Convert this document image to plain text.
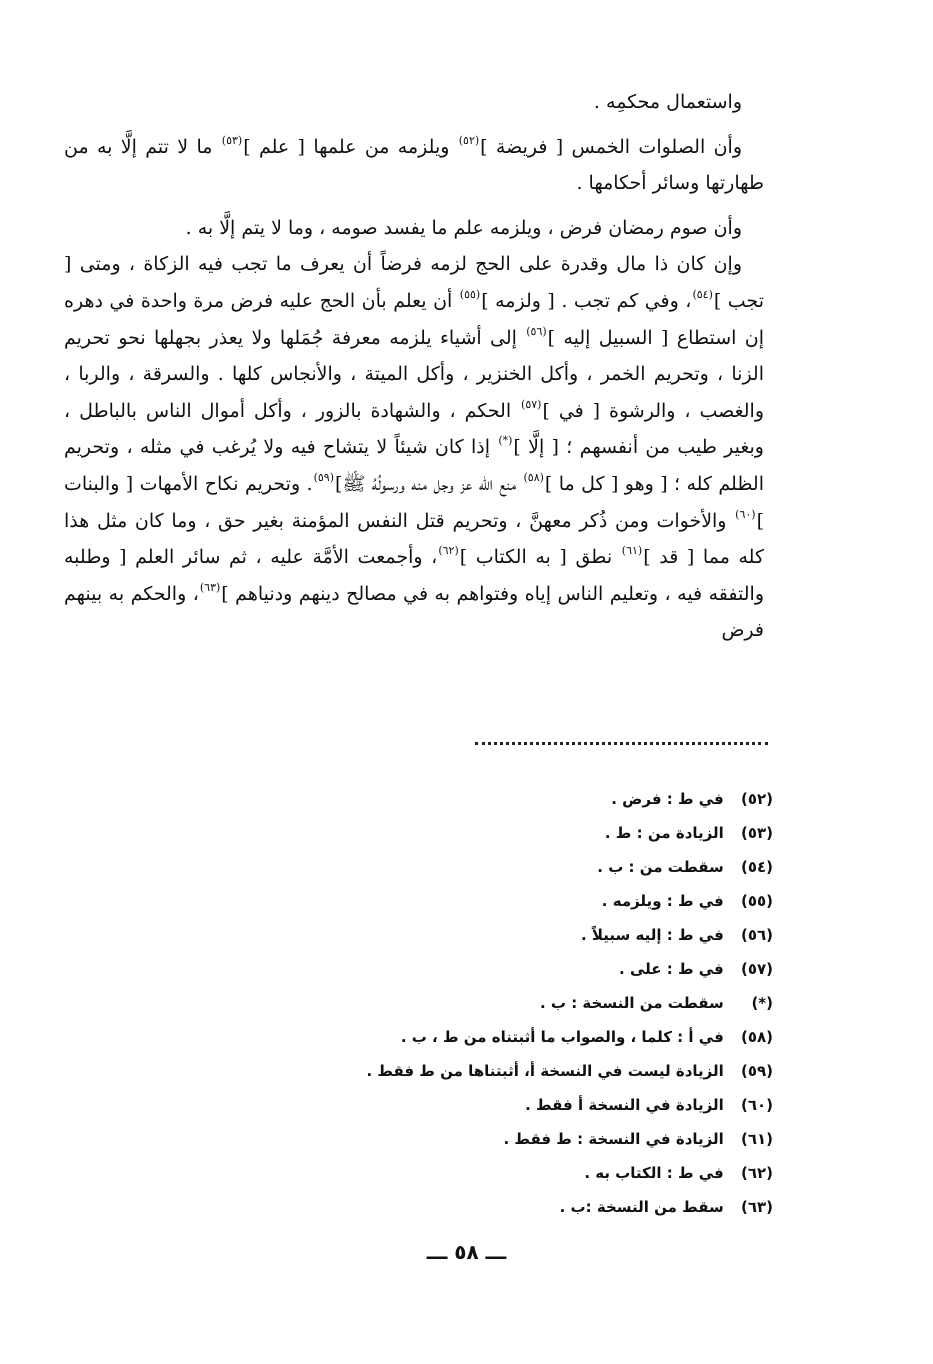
واستعمال محكمِه .

وأن الصلوات الخمس [ فريضة ]$^{(٥٢)}$ ويلزمه من علمها [ علم ]$^{(٥٣)}$ ما لا تتم إلَّا به من طهارتها وسائر أحكامها .

وأن صوم رمضان فرض ، ويلزمه علم ما يفسد صومه ، وما لا يتم إلَّا به .

وإن كان ذا مال وقدرة على الحج لزمه فرضاً أن يعرف ما تجب فيه الزكاة ، ومتى [ تجب ]$^{(٥٤)}$، وفي كم تجب . [ ولزمه ]$^{(٥٥)}$ أن يعلم بأن الحج عليه فرض مرة واحدة في دهره إن استطاع [ السبيل إليه ]$^{(٥٦)}$ إلى أشياء يلزمه معرفة جُمَلها ولا يعذر بجهلها نحو تحريم الزنا ، وتحريم الخمر ، وأكل الخنزير ، وأكل الميتة ، والأنجاس كلها . والسرقة ، والربا ، والغصب ، والرشوة [ في ]$^{(٥٧)}$ الحكم ، والشهادة بالزور ، وأكل أموال الناس بالباطل ، وبغير طيب من أنفسهم ؛ [ إلَّا ](*) إذا كان شيئاً لا يتشاح فيه ولا يُرغب في مثله ، وتحريم الظلم كله ؛ [ وهو [ كل ما ]$^{(٥٨)}$ منع الله عز وجل منه ورسولُهُ ﷺ]$^{(٥٩)}$. وتحريم نكاح الأمهات [ والبنات ]$^{(٦٠)}$ والأخوات ومن ذُكر معهنَّ ، وتحريم قتل النفس المؤمنة بغير حق ، وما كان مثل هذا كله مما [ قد ]$^{(٦١)}$ نطق [ به الكتاب ]$^{(٦٢)}$، وأجمعت الأمَّة عليه ، ثم سائر العلم [ وطلبه والتفقه فيه ، وتعليم الناس إياه وفتواهم به في مصالح دينهم ودنياهم ]$^{(٦٣)}$، والحكم به بينهم فرض

(٥٢) في ط : فرض .
(٥٣) الزيادة من : ط .
(٥٤) سقطت من : ب .
(٥٥) في ط : ويلزمه .
(٥٦) في ط : إليه سبيلاً .
(٥٧) في ط : على .
(*) سقطت من النسخة : ب .
(٥٨) في أ : كلما ، والصواب ما أثبتناه من ط ، ب .
(٥٩) الزيادة ليست في النسخة أ، أثبتناها من ط فقط .
(٦٠) الزيادة في النسخة أ فقط .
(٦١) الزيادة في النسخة : ط فقط .
(٦٢) في ط : الكتاب به .
(٦٣) سقط من النسخة :ب .
ـــ ٥٨ ـــ
